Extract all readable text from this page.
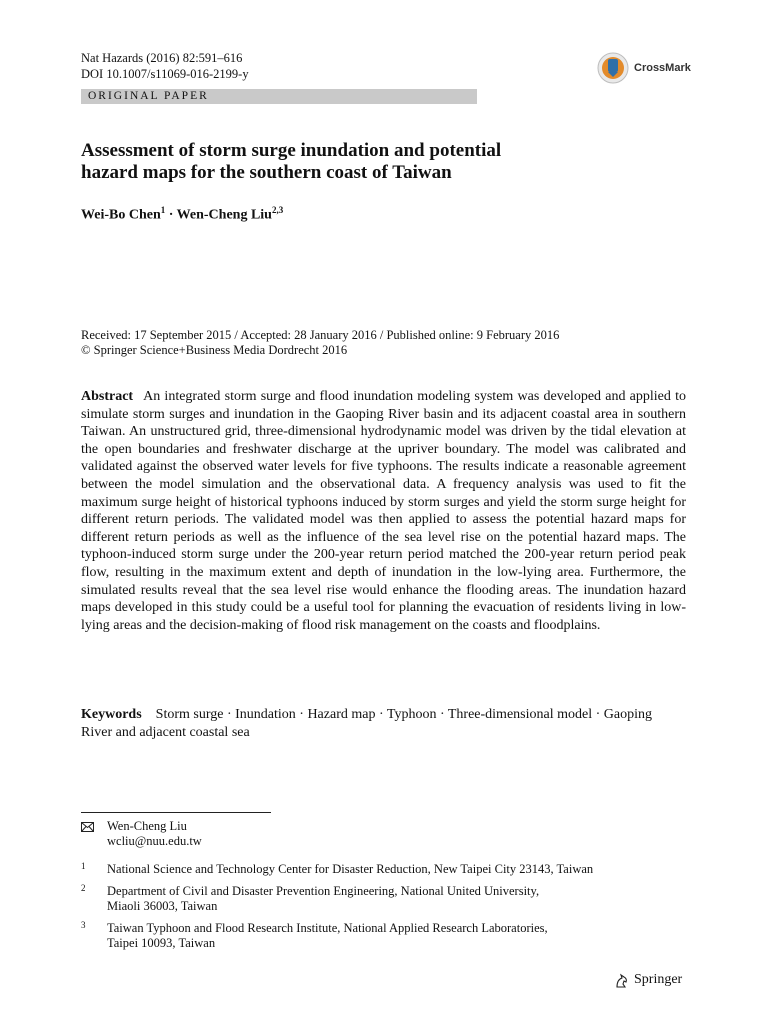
Nat Hazards (2016) 82:591–616
DOI 10.1007/s11069-016-2199-y	CrossMark
ORIGINAL PAPER
Assessment of storm surge inundation and potential
hazard maps for the southern coast of Taiwan
Wei-Bo Chen$^1$ · Wen-Cheng Liu$^{2,3}$
Received: 17 September 2015 / Accepted: 28 January 2016 / Published online: 9 February 2016
© Springer Science+Business Media Dordrecht 2016

Abstract An integrated storm surge and flood inundation modeling system was developed and applied to simulate storm surges and inundation in the Gaoping River basin and its adjacent coastal area in southern Taiwan. An unstructured grid, three-dimensional hydrodynamic model was driven by the tidal elevation at the open boundaries and freshwater discharge at the upriver boundary. The model was calibrated and validated against the observed water levels for five typhoons. The results indicate a reasonable agreement between the model simulation and the observational data. A frequency analysis was used to fit the maximum surge height of historical typhoons induced by storm surges and yield the storm surge height for different return periods. The validated model was then applied to assess the potential hazard maps for different return periods as well as the influence of the sea level rise on the potential hazard maps. The typhoon-induced storm surge under the 200-year return period matched the 200-year return period peak flow, resulting in the maximum extent and depth of inundation in the low-lying area. Furthermore, the simulated results reveal that the sea level rise would enhance the flooding areas. The inundation hazard maps developed in this study could be a useful tool for planning the evacuation of residents living in low-lying areas and the decision-making of flood risk management on the coasts and floodplains.

Keywords Storm surge · Inundation · Hazard map · Typhoon · Three-dimensional model · Gaoping River and adjacent coastal sea

Wen-Cheng Liu
wcliu@nuu.edu.tw
1 National Science and Technology Center for Disaster Reduction, New Taipei City 23143, Taiwan
2 Department of Civil and Disaster Prevention Engineering, National United University,
Miaoli 36003, Taiwan
3 Taiwan Typhoon and Flood Research Institute, National Applied Research Laboratories,
Taipei 10093, Taiwan
Springer
